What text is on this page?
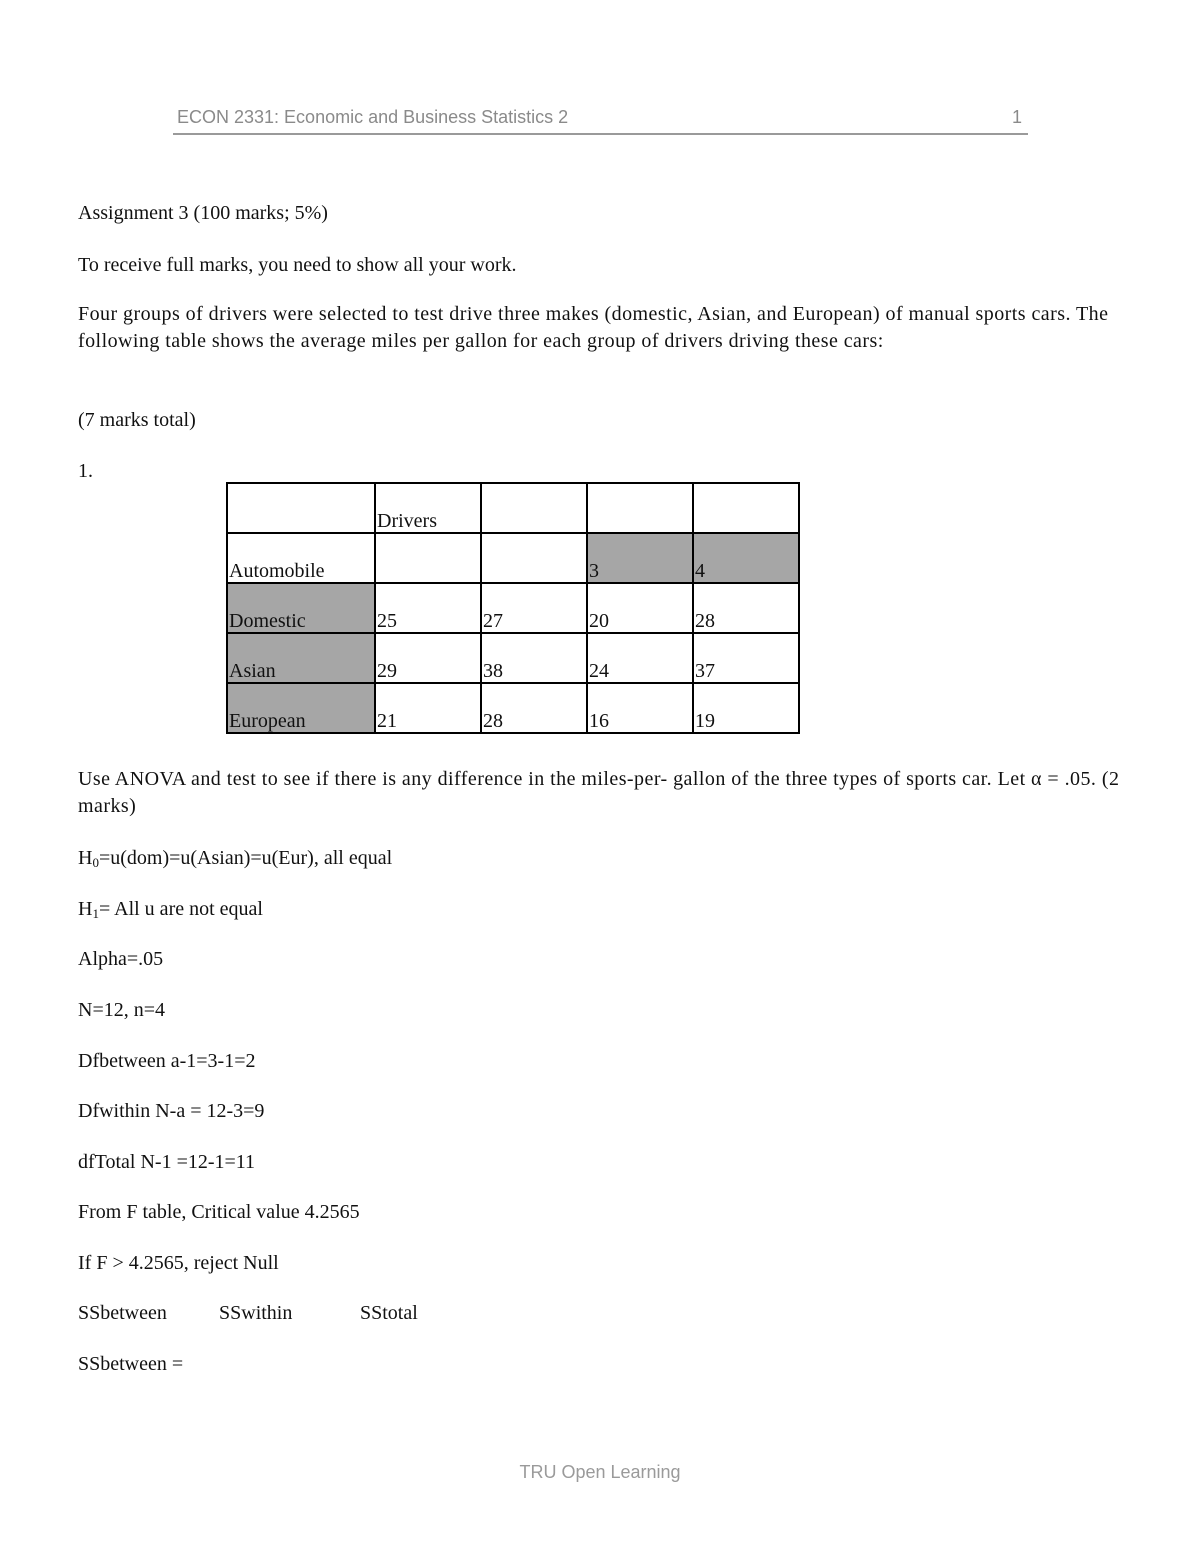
ECON 2331: Economic and Business Statistics 2	1
Assignment 3 (100 marks; 5%)
To receive full marks, you need to show all your work.
Four groups of drivers were selected to test drive three makes (domestic, Asian, and European) of manual sports cars. The following table shows the average miles per gallon for each group of drivers driving these cars:
(7 marks total)
1.
	Drivers			
Automobile			3	4
Domestic	25	27	20	28
Asian	29	38	24	37
European	21	28	16	19
Use ANOVA and test to see if there is any difference in the miles-per- gallon of the three types of sports car. Let α = .05. (2 marks)
$H_0=u(dom)=u(Asian)=u(Eur)$, all equal
$H_1=$ All u are not equal
Alpha=.05
N=12, n=4
Dfbetween a-1=3-1=2
Dfwithin N-a = 12-3=9
dfTotal N-1 =12-1=11
From F table, Critical value 4.2565
If F > 4.2565, reject Null
SSbetween	SSwithin	SStotal
SSbetween =
TRU Open Learning
